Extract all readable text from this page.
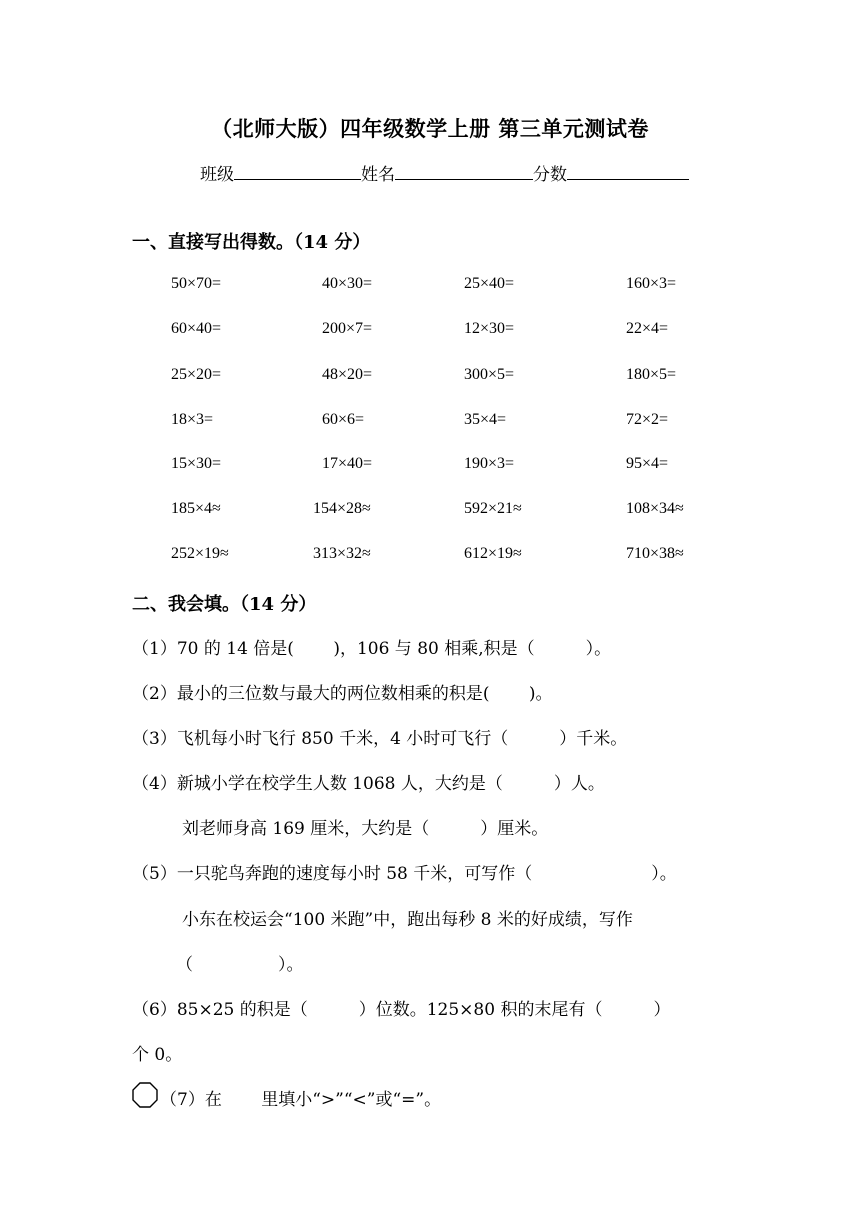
（北师大版）四年级数学上册 第三单元测试卷
班级	姓名	分数
一、直接写出得数。（14 分）
50×70=	40×30=	25×40=	160×3=
60×40=	200×7=	12×30=	22×4=
25×20=	48×20=	300×5=	180×5=
18×3=	60×6=	35×4=	72×2=
15×30=	17×40=	190×3=	95×4=
185×4≈	154×28≈	592×21≈	108×34≈
252×19≈	313×32≈	612×19≈	710×38≈
二、我会填。（14 分）
（1）70 的 14 倍是(　　 )，106 与 80 相乘,积是（　　　）。
（2）最小的三位数与最大的两位数相乘的积是(　　 )。
（3）飞机每小时飞行 850 千米，4 小时可飞行（　　　）千米。
（4）新城小学在校学生人数 1068 人，大约是（　　　）人。
刘老师身高 169 厘米，大约是（　　　）厘米。
（5）一只驼鸟奔跑的速度每小时 58 千米，可写作（　　　　　　　）。
小东在校运会“100 米跑”中，跑出每秒 8 米的好成绩，写作
（　　　　　）。
（6）85×25 的积是（　　　）位数。125×80 积的末尾有（　　　）
个 0。
（7）在　　 里填小“>”“<”或“=”。
